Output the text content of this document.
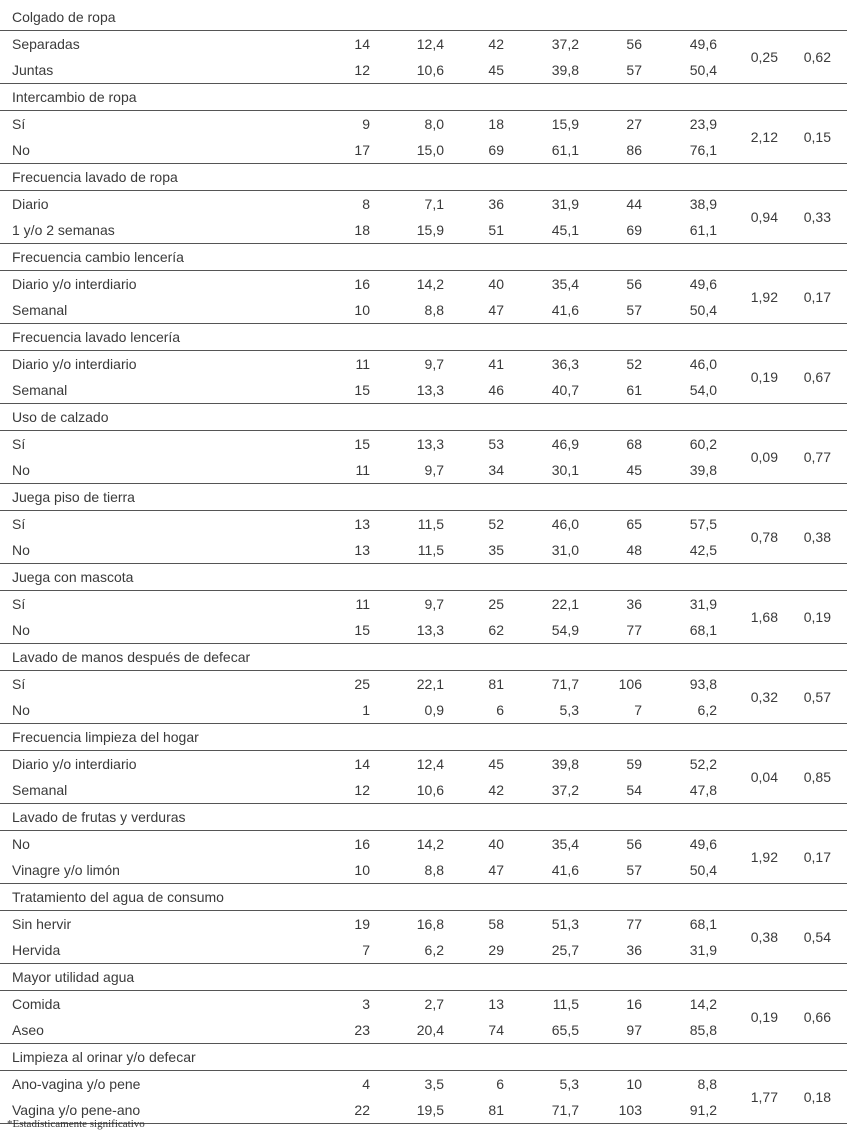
Colgado de ropa
Separadas	14	12,4	42	37,2	56	49,6
Juntas	12	10,6	45	39,8	57	50,4
0,25 0,62
Intercambio de ropa
Sí	9	8,0	18	15,9	27	23,9
No	17	15,0	69	61,1	86	76,1
2,12 0,15
Frecuencia lavado de ropa
Diario	8	7,1	36	31,9	44	38,9
1 y/o 2 semanas	18	15,9	51	45,1	69	61,1
0,94 0,33
Frecuencia cambio lencería
Diario y/o interdiario	16	14,2	40	35,4	56	49,6
Semanal	10	8,8	47	41,6	57	50,4
1,92 0,17
Frecuencia lavado lencería
Diario y/o interdiario	11	9,7	41	36,3	52	46,0
Semanal	15	13,3	46	40,7	61	54,0
0,19 0,67
Uso de calzado
Sí	15	13,3	53	46,9	68	60,2
No	11	9,7	34	30,1	45	39,8
0,09 0,77
Juega piso de tierra
Sí	13	11,5	52	46,0	65	57,5
No	13	11,5	35	31,0	48	42,5
0,78 0,38
Juega con mascota
Sí	11	9,7	25	22,1	36	31,9
No	15	13,3	62	54,9	77	68,1
1,68 0,19
Lavado de manos después de defecar
Sí	25	22,1	81	71,7	106	93,8
No	1	0,9	6	5,3	7	6,2
0,32 0,57
Frecuencia limpieza del hogar
Diario y/o interdiario	14	12,4	45	39,8	59	52,2
Semanal	12	10,6	42	37,2	54	47,8
0,04 0,85
Lavado de frutas y verduras
No	16	14,2	40	35,4	56	49,6
Vinagre y/o limón	10	8,8	47	41,6	57	50,4
1,92 0,17
Tratamiento del agua de consumo
Sin hervir	19	16,8	58	51,3	77	68,1
Hervida	7	6,2	29	25,7	36	31,9
0,38 0,54
Mayor utilidad agua
Comida	3	2,7	13	11,5	16	14,2
Aseo	23	20,4	74	65,5	97	85,8
0,19 0,66
Limpieza al orinar y/o defecar
Ano-vagina y/o pene	4	3,5	6	5,3	10	8,8
Vagina y/o pene-ano	22	19,5	81	71,7	103	91,2
1,77 0,18
*Estadísticamente significativo
